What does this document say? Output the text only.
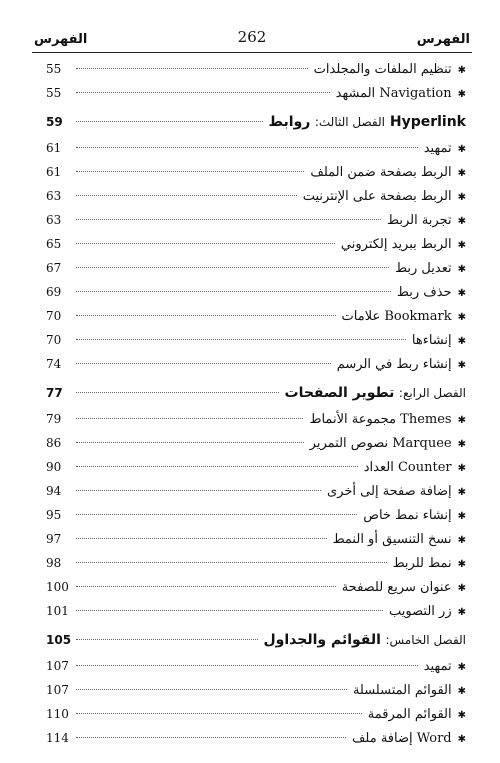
الفهرس	262	الفهرس
✱
تنظيم الملفات والمجلدات
55
✱
المشهد Navigation
55
الفصل الثالث: روابط Hyperlink
59
✱
تمهيد
61
✱
الربط بصفحة ضمن الملف
61
✱
الربط بصفحة على الإنترنيت
63
✱
تجربة الربط
63
✱
الربط ببريد إلكتروني
65
✱
تعديل ربط
67
✱
حذف ربط
69
✱
علامات Bookmark
70
✱
إنشاءها
70
✱
إنشاء ربط في الرسم
74
الفصل الرابع: تطوير الصفحات
77
✱
مجموعة الأنماط Themes
79
✱
نصوص التمرير Marquee
86
✱
العداد Counter
90
✱
إضافة صفحة إلى أخرى
94
✱
إنشاء نمط خاص
95
✱
نسخ التنسيق أو النمط
97
✱
نمط للربط
98
✱
عنوان سريع للصفحة
100
✱
زر التصويب
101
الفصل الخامس: القوائم والجداول
105
✱
تمهيد
107
✱
القوائم المتسلسلة
107
✱
القوائم المرقمة
110
✱
إضافة ملف Word
114
